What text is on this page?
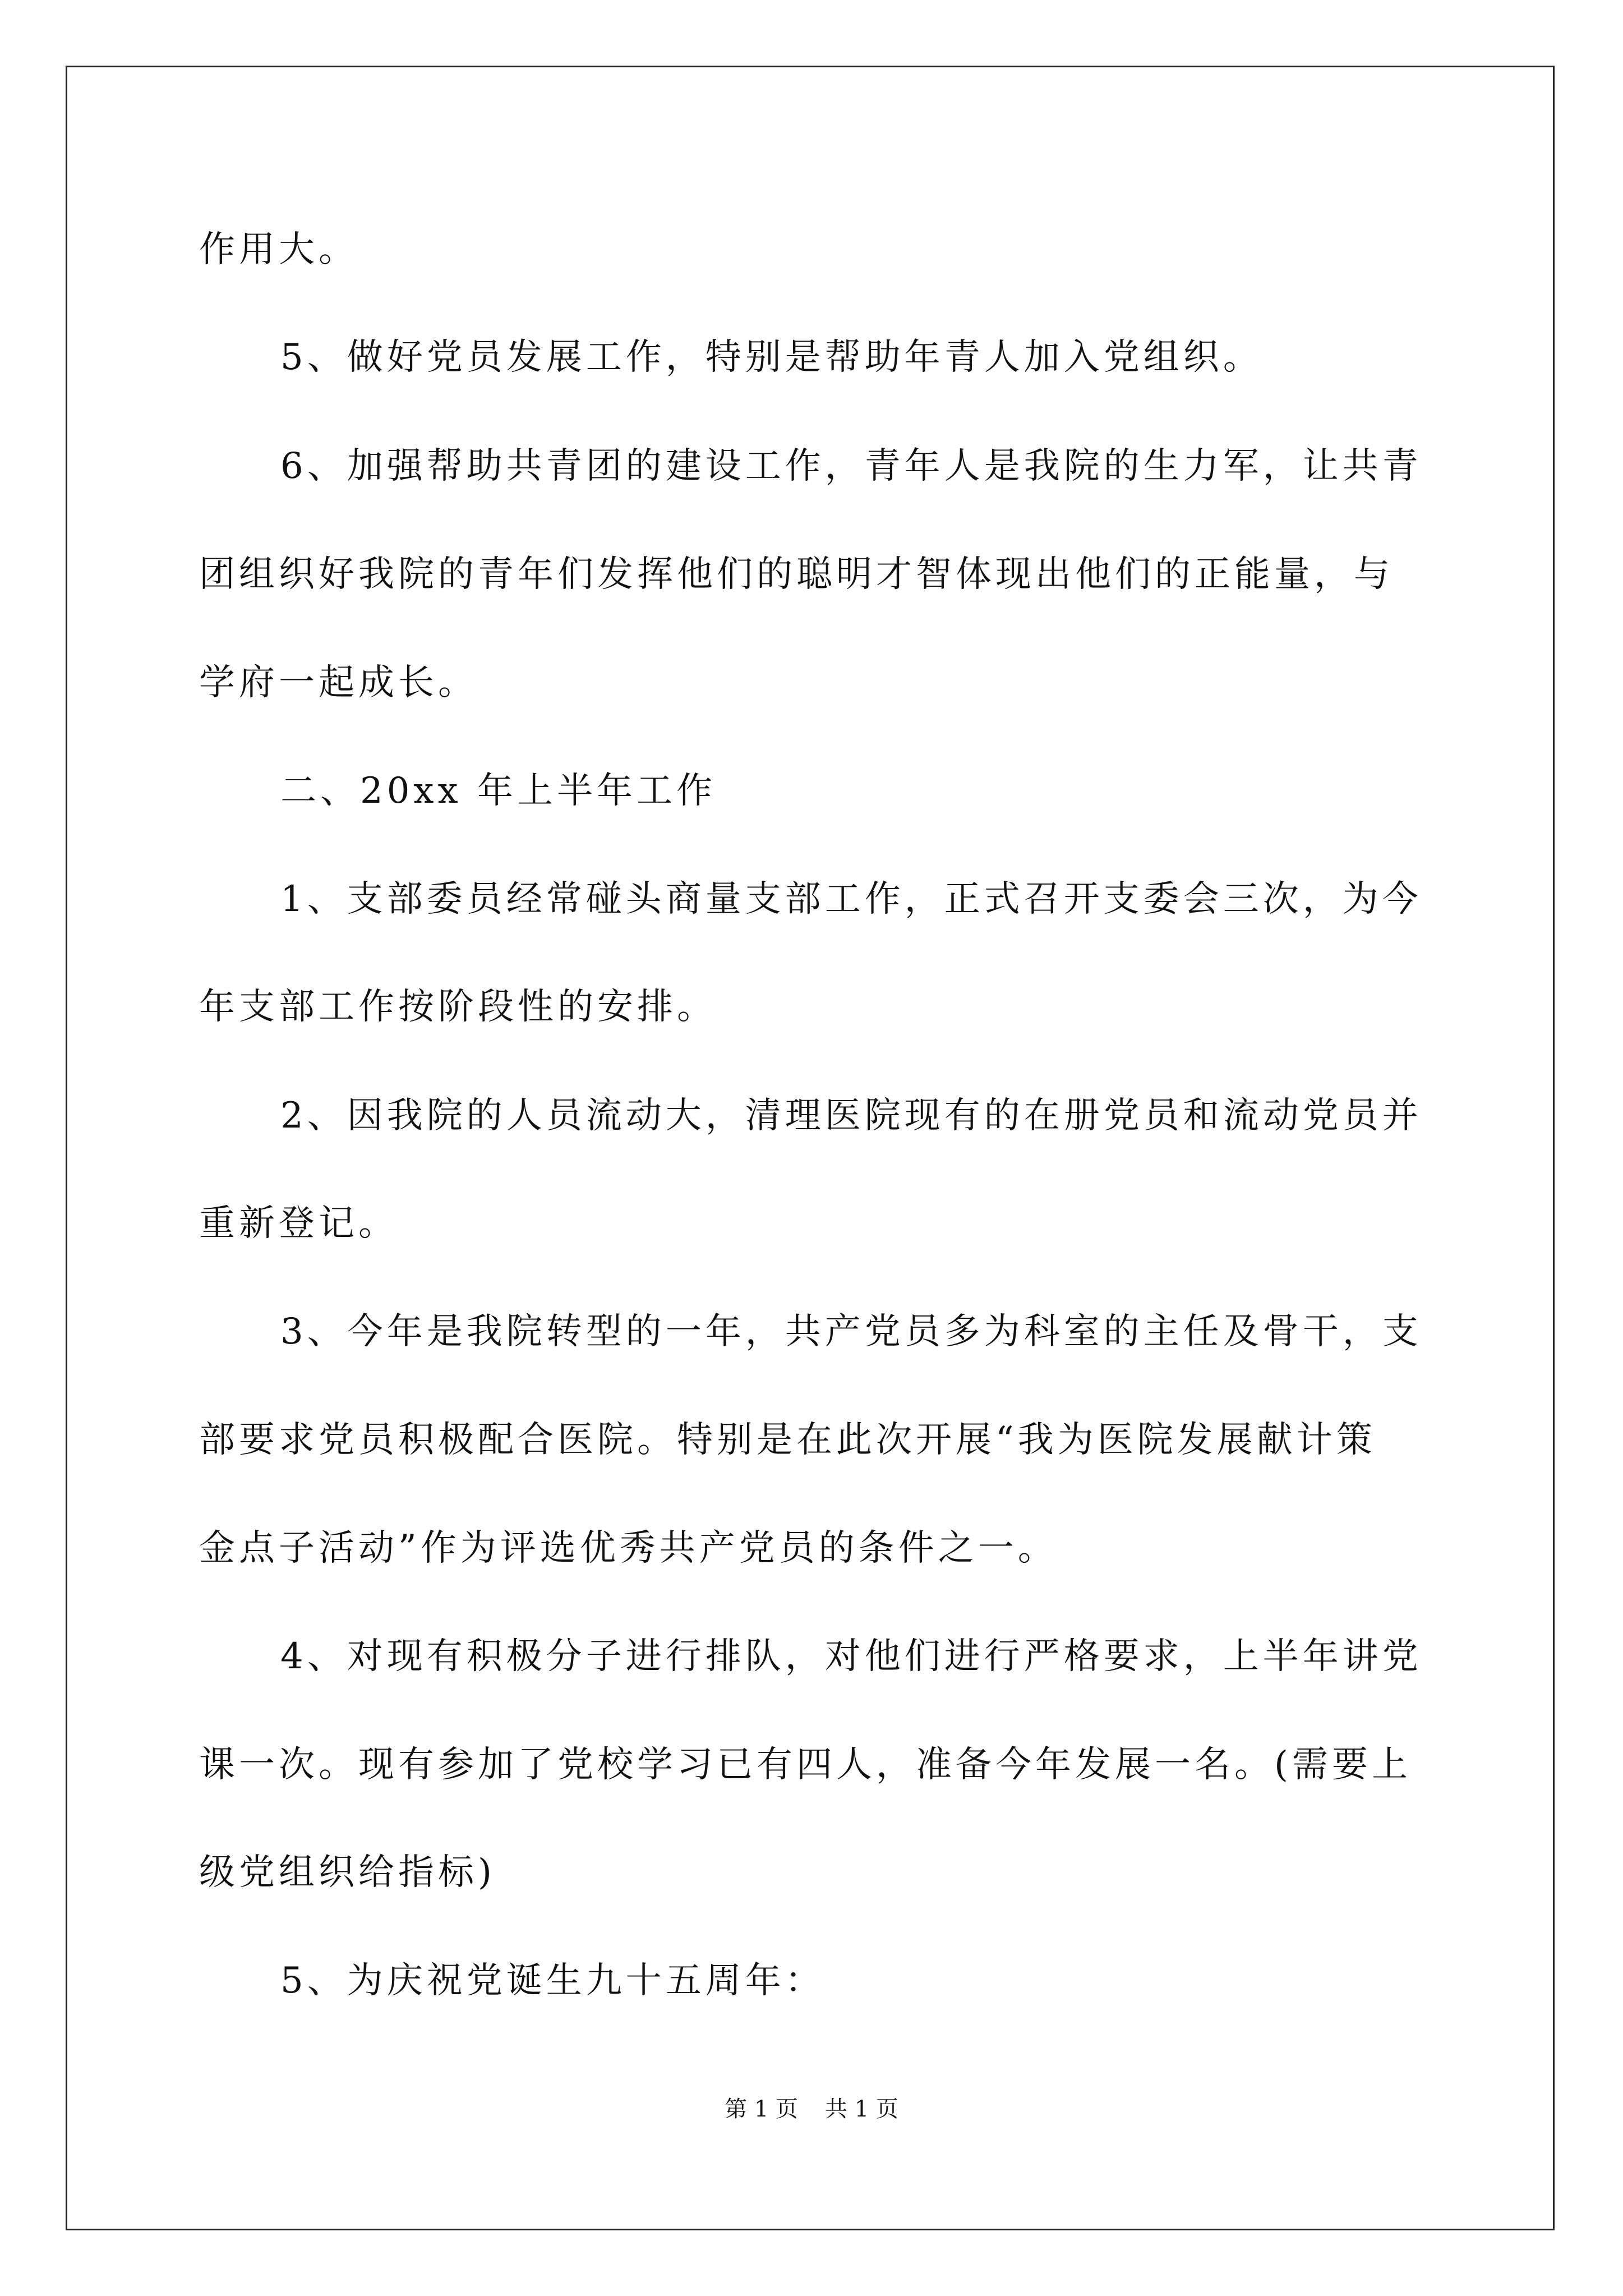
作用大。
5、做好党员发展工作，特别是帮助年青人加入党组织。
6、加强帮助共青团的建设工作，青年人是我院的生力军，让共青
团组织好我院的青年们发挥他们的聪明才智体现出他们的正能量，与
学府一起成长。
二、20xx 年上半年工作
1、支部委员经常碰头商量支部工作，正式召开支委会三次，为今
年支部工作按阶段性的安排。
2、因我院的人员流动大，清理医院现有的在册党员和流动党员并
重新登记。
3、今年是我院转型的一年，共产党员多为科室的主任及骨干，支
部要求党员积极配合医院。特别是在此次开展“我为医院发展献计策
金点子活动”作为评选优秀共产党员的条件之一。
4、对现有积极分子进行排队，对他们进行严格要求，上半年讲党
课一次。现有参加了党校学习已有四人，准备今年发展一名。(需要上
级党组织给指标)
5、为庆祝党诞生九十五周年：
第 1 页 共 1 页
